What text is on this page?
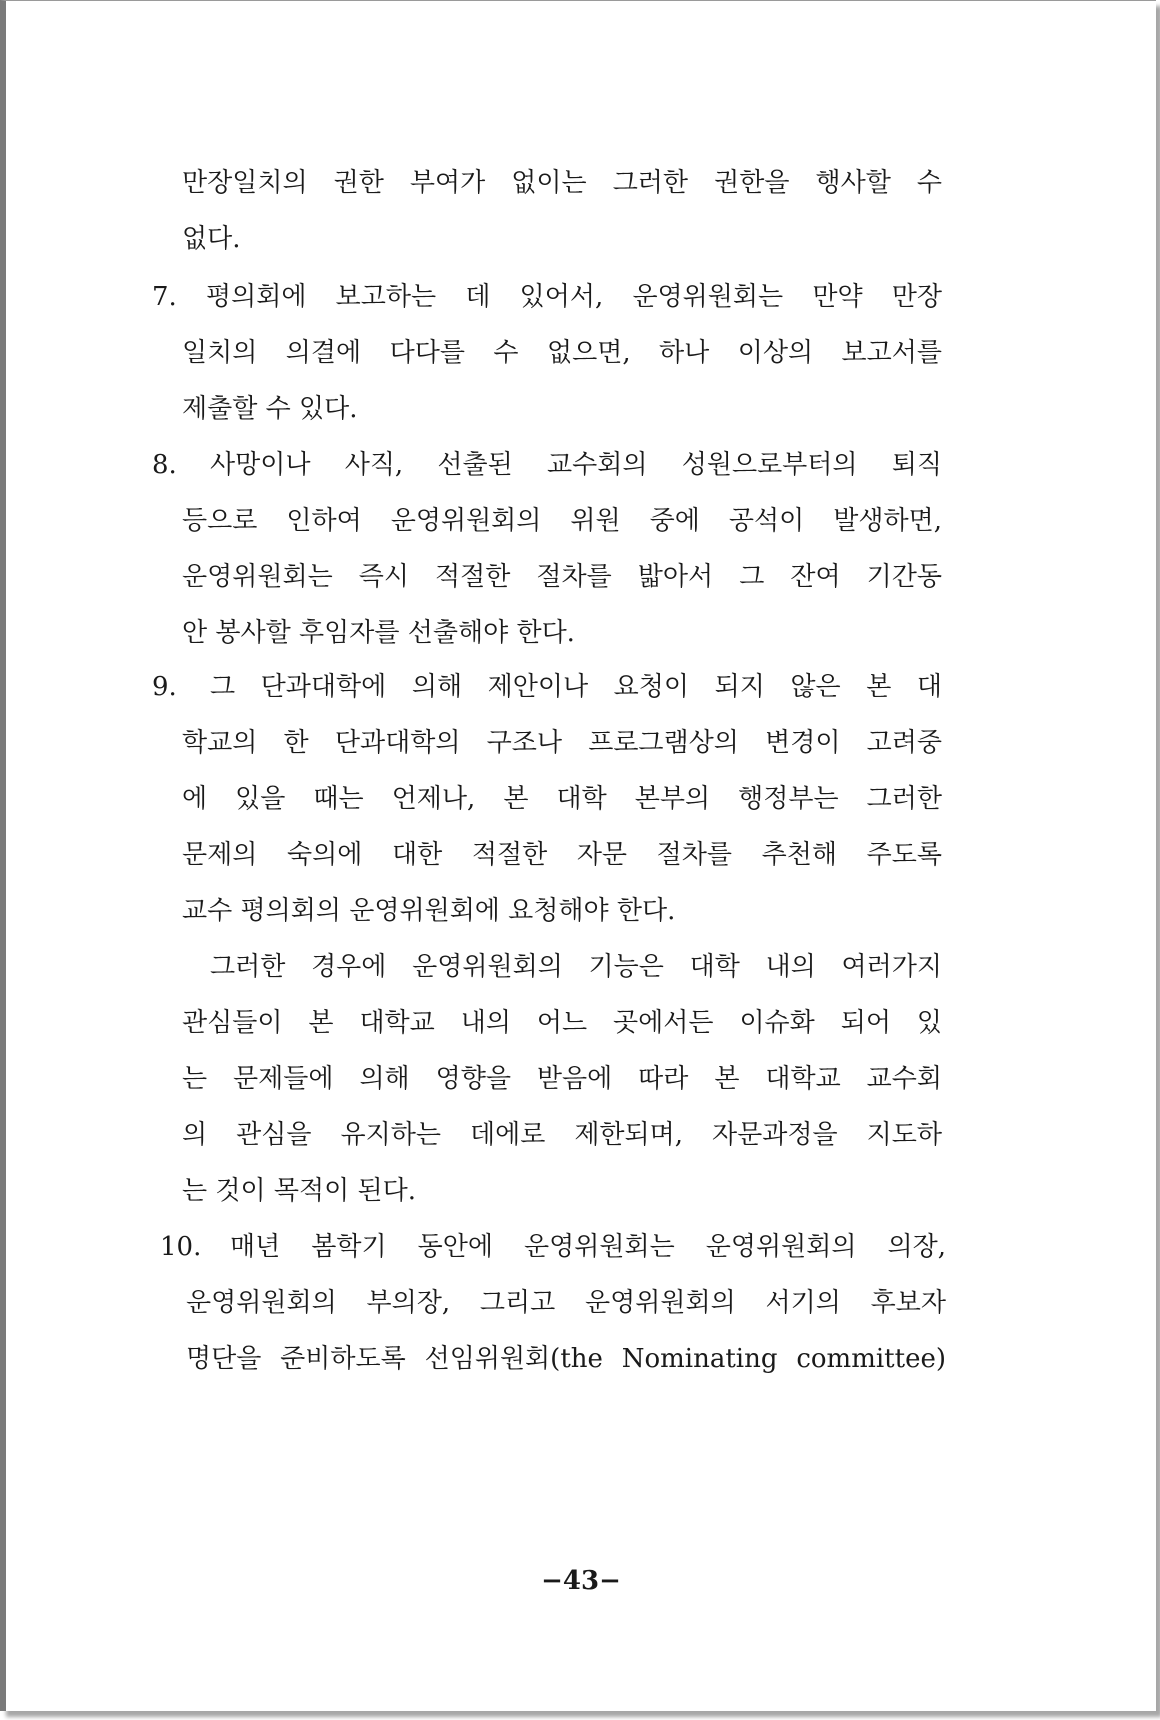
만장일치의 권한 부여가 없이는 그러한 권한을 행사할 수
없다.
7. 평의회에 보고하는 데 있어서, 운영위원회는 만약 만장
일치의 의결에 다다를 수 없으면, 하나 이상의 보고서를
제출할 수 있다.
8. 사망이나 사직, 선출된 교수회의 성원으로부터의 퇴직
등으로 인하여 운영위원회의 위원 중에 공석이 발생하면,
운영위원회는 즉시 적절한 절차를 밟아서 그 잔여 기간동
안 봉사할 후임자를 선출해야 한다.
9. 그 단과대학에 의해 제안이나 요청이 되지 않은 본 대
학교의 한 단과대학의 구조나 프로그램상의 변경이 고려중
에 있을 때는 언제나, 본 대학 본부의 행정부는 그러한
문제의 숙의에 대한 적절한 자문 절차를 추천해 주도록
교수 평의회의 운영위원회에 요청해야 한다.
그러한 경우에 운영위원회의 기능은 대학 내의 여러가지
관심들이 본 대학교 내의 어느 곳에서든 이슈화 되어 있
는 문제들에 의해 영향을 받음에 따라 본 대학교 교수회
의 관심을 유지하는 데에로 제한되며, 자문과정을 지도하
는 것이 목적이 된다.
10. 매년 봄학기 동안에 운영위원회는 운영위원회의 의장,
운영위원회의 부의장, 그리고 운영위원회의 서기의 후보자
명단을 준비하도록 선임위원회(the Nominating committee)
−43−
